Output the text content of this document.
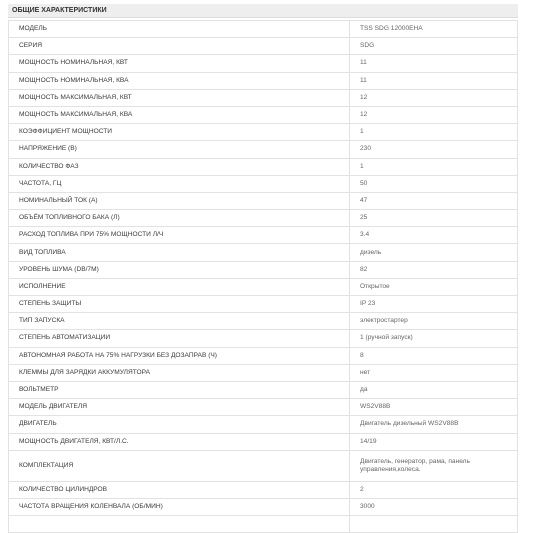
ОБЩИЕ ХАРАКТЕРИСТИКИ
МОДЕЛЬ	TSS SDG 12000EHA
СЕРИЯ	SDG
МОЩНОСТЬ НОМИНАЛЬНАЯ, КВТ	11
МОЩНОСТЬ НОМИНАЛЬНАЯ, КВА	11
МОЩНОСТЬ МАКСИМАЛЬНАЯ, КВТ	12
МОЩНОСТЬ МАКСИМАЛЬНАЯ, КВА	12
КОЭФФИЦИЕНТ МОЩНОСТИ	1
НАПРЯЖЕНИЕ (В)	230
КОЛИЧЕСТВО ФАЗ	1
ЧАСТОТА, ГЦ	50
НОМИНАЛЬНЫЙ ТОК (А)	47
ОБЪЁМ ТОПЛИВНОГО БАКА (Л)	25
РАСХОД ТОПЛИВА ПРИ 75% МОЩНОСТИ Л/Ч	3.4
ВИД ТОПЛИВА	дизель
УРОВЕНЬ ШУМА (DB/7M)	82
ИСПОЛНЕНИЕ	Открытое
СТЕПЕНЬ ЗАЩИТЫ	IP 23
ТИП ЗАПУСКА	электростартер
СТЕПЕНЬ АВТОМАТИЗАЦИИ	1 (ручной запуск)
АВТОНОМНАЯ РАБОТА НА 75% НАГРУЗКИ БЕЗ ДОЗАПРАВ (Ч)	8
КЛЕММЫ ДЛЯ ЗАРЯДКИ АККУМУЛЯТОРА	нет
ВОЛЬТМЕТР	да
МОДЕЛЬ ДВИГАТЕЛЯ	WS2V88B
ДВИГАТЕЛЬ	Двигатель дизельный WS2V88B
МОЩНОСТЬ ДВИГАТЕЛЯ, КВТ/Л.С.	14/19
КОМПЛЕКТАЦИЯ	Двигатель, генератор, рама, панель управления,колеса.
КОЛИЧЕСТВО ЦИЛИНДРОВ	2
ЧАСТОТА ВРАЩЕНИЯ КОЛЕНВАЛА (ОБ/МИН)	3000
